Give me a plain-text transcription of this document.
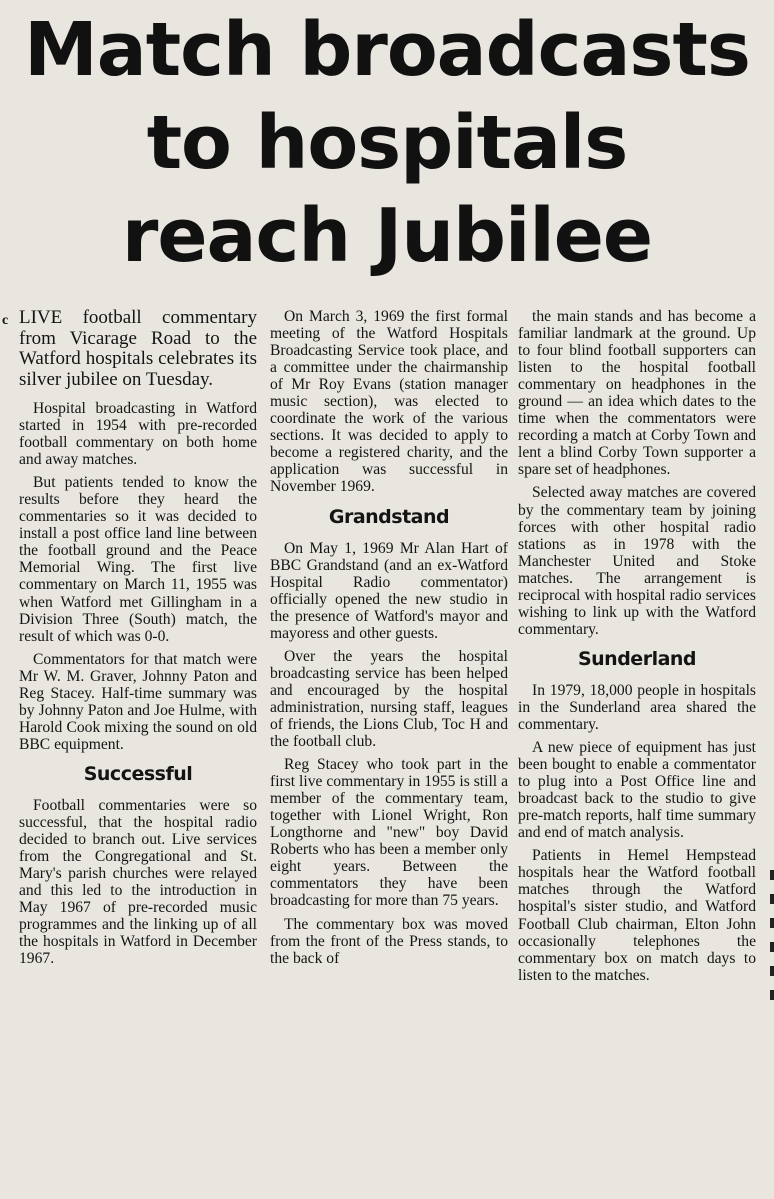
Match broadcasts
to hospitals
reach Jubilee
c LIVE football commentary from Vicarage Road to the Watford hospitals celebrates its silver jubilee on Tuesday.

Hospital broadcasting in Watford started in 1954 with pre-recorded football commentary on both home and away matches.

But patients tended to know the results before they heard the commentaries so it was decided to install a post office land line between the football ground and the Peace Memorial Wing. The first live commentary on March 11, 1955 was when Watford met Gillingham in a Division Three (South) match, the result of which was 0-0.

Commentators for that match were Mr W. M. Graver, Johnny Paton and Reg Stacey. Half-time summary was by Johnny Paton and Joe Hulme, with Harold Cook mixing the sound on old BBC equipment.

Successful

Football commentaries were so successful, that the hospital radio decided to branch out. Live services from the Congregational and St. Mary's parish churches were relayed and this led to the introduction in May 1967 of pre-recorded music programmes and the linking up of all the hospitals in Watford in December 1967.

On March 3, 1969 the first formal meeting of the Watford Hospitals Broadcasting Service took place, and a committee under the chairmanship of Mr Roy Evans (station manager music section), was elected to coordinate the work of the various sections. It was decided to apply to become a registered charity, and the application was successful in November 1969.

Grandstand

On May 1, 1969 Mr Alan Hart of BBC Grandstand (and an ex-Watford Hospital Radio commentator) officially opened the new studio in the presence of Watford's mayor and mayoress and other guests.

Over the years the hospital broadcasting service has been helped and encouraged by the hospital administration, nursing staff, leagues of friends, the Lions Club, Toc H and the football club.

Reg Stacey who took part in the first live commentary in 1955 is still a member of the commentary team, together with Lionel Wright, Ron Longthorne and "new" boy David Roberts who has been a member only eight years. Between the commentators they have been broadcasting for more than 75 years.

The commentary box was moved from the front of the Press stands, to the back of

the main stands and has become a familiar landmark at the ground. Up to four blind football supporters can listen to the hospital football commentary on headphones in the ground — an idea which dates to the time when the commentators were recording a match at Corby Town and lent a blind Corby Town supporter a spare set of headphones.

Selected away matches are covered by the commentary team by joining forces with other hospital radio stations as in 1978 with the Manchester United and Stoke matches. The arrangement is reciprocal with hospital radio services wishing to link up with the Watford commentary.

Sunderland

In 1979, 18,000 people in hospitals in the Sunderland area shared the commentary.

A new piece of equipment has just been bought to enable a commentator to plug into a Post Office line and broadcast back to the studio to give pre-match reports, half time summary and end of match analysis.

Patients in Hemel Hempstead hospitals hear the Watford football matches through the Watford hospital's sister studio, and Watford Football Club chairman, Elton John occasionally telephones the commentary box on match days to listen to the matches.
